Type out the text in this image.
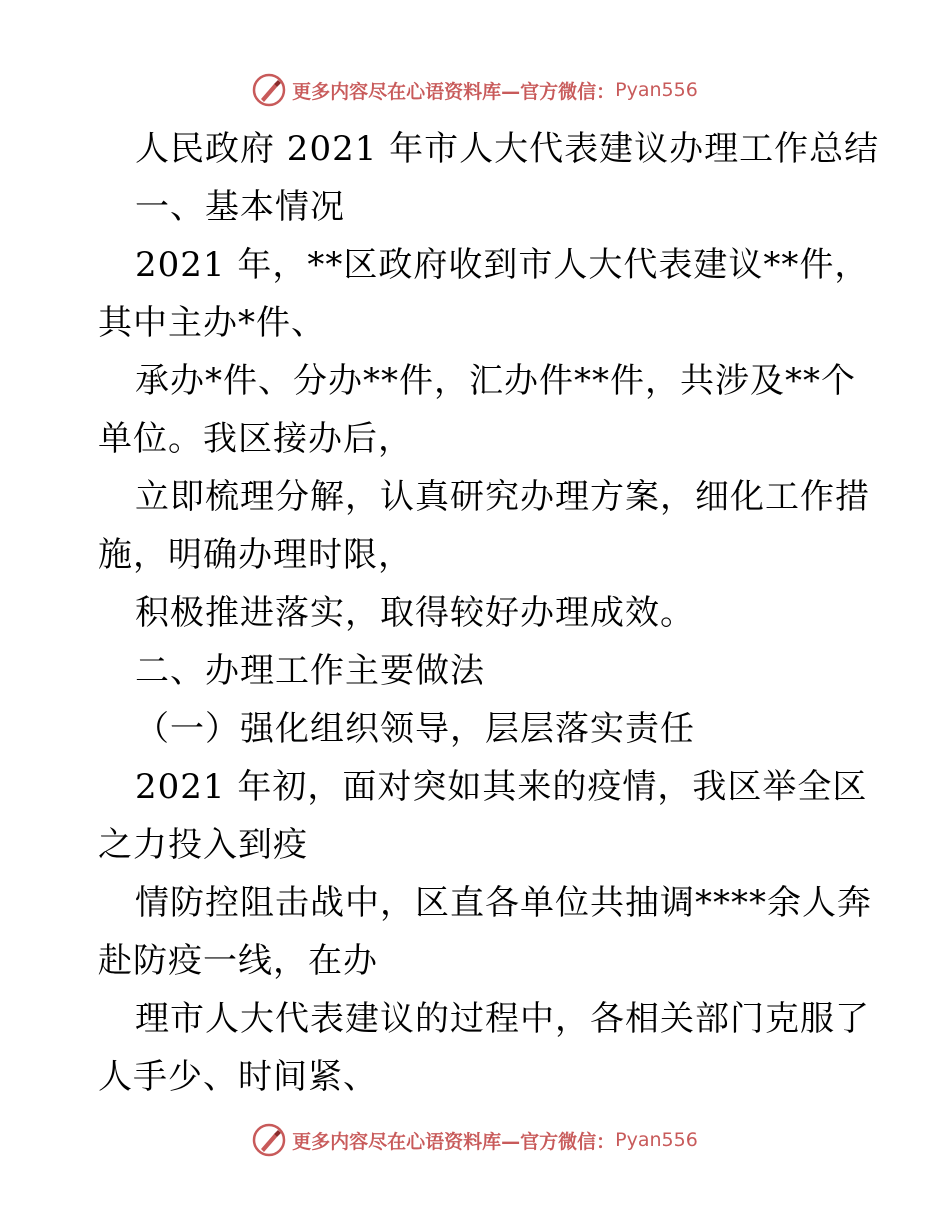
更多内容尽在心语资料库—官方微信： Pyan556
人民政府 2021 年市人大代表建议办理工作总结
一、基本情况
2021 年，**区政府收到市人大代表建议**件，
其中主办*件、
承办*件、分办**件，汇办件**件，共涉及**个
单位。我区接办后，
立即梳理分解，认真研究办理方案，细化工作措
施，明确办理时限，
积极推进落实，取得较好办理成效。
二、办理工作主要做法
（一）强化组织领导，层层落实责任
2021 年初，面对突如其来的疫情，我区举全区
之力投入到疫
情防控阻击战中，区直各单位共抽调****余人奔
赴防疫一线，在办
理市人大代表建议的过程中，各相关部门克服了
人手少、时间紧、
更多内容尽在心语资料库—官方微信： Pyan556
